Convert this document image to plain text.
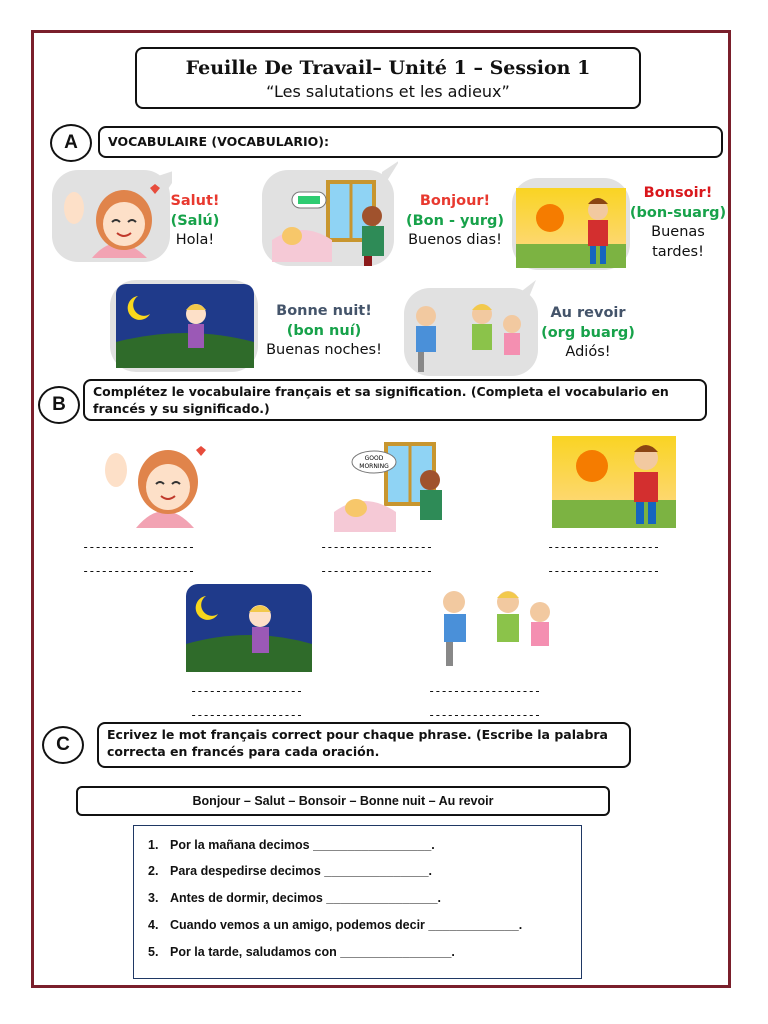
Feuille De Travail– Unité 1 – Session 1
“Les salutations et les adieux”
A	VOCABULAIRE (VOCABULARIO):
Salut!
(Salú)
Hola!
Bonjour!
(Bon - yurg)
Buenos dias!
Bonsoir!
(bon-suarg)
Buenas
tardes!
Bonne nuit!
(bon nuí)
Buenas noches!
Au revoir
(org buarg)
Adiós!
B
Complétez le vocabulaire français et sa signification. (Completa el vocabulario en francés y su significado.)
GOOD
MORNING
------------------
------------------
------------------
------------------
------------------
------------------
------------------
------------------
------------------
------------------
C	Ecrivez le mot français correct pour chaque phrase. (Escribe la palabra correcta en francés para cada oración.
Bonjour – Salut – Bonsoir – Bonne nuit – Au revoir
1. Por la mañana decimos _________________.
2. Para despedirse decimos _______________.
3. Antes de dormir, decimos ________________.
4. Cuando vemos a un amigo, podemos decir _____________.
5. Por la tarde, saludamos con ________________.
